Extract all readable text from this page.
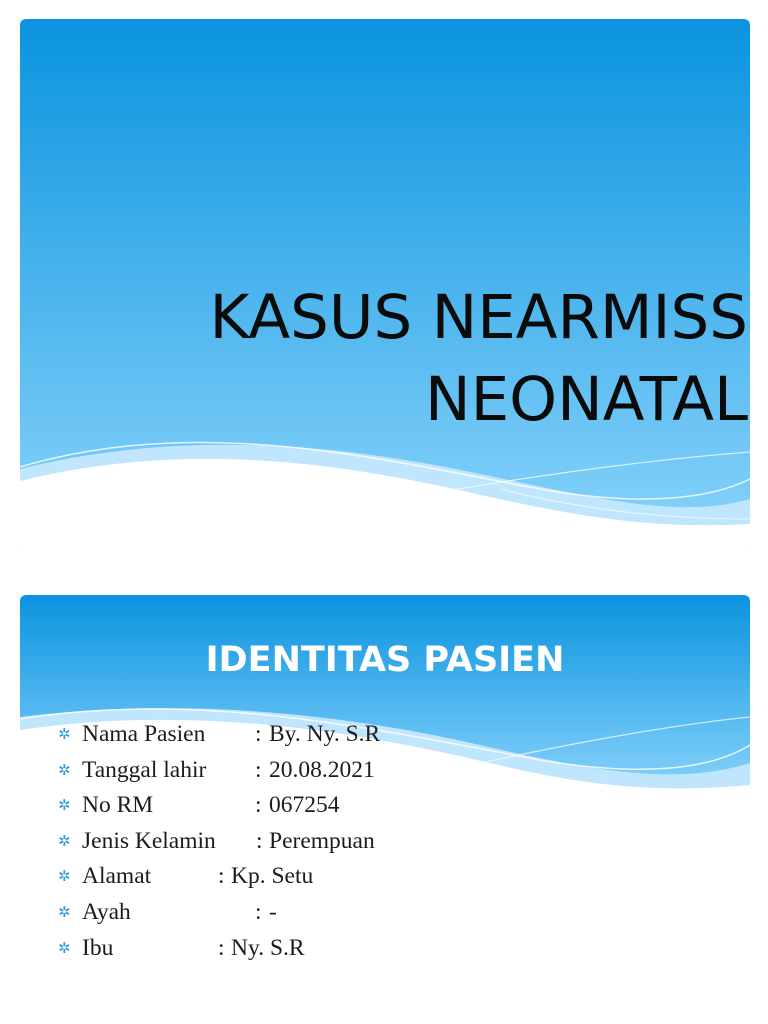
KASUS NEARMISS
NEONATAL
IDENTITAS PASIEN
✲ Nama Pasien : By. Ny. S.R
✲ Tanggal lahir : 20.08.2021
✲ No RM	: 067254
✲ Jenis Kelamin : Perempuan
✲ Alamat	: Kp. Setu
✲ Ayah	: -
✲ Ibu	: Ny. S.R
